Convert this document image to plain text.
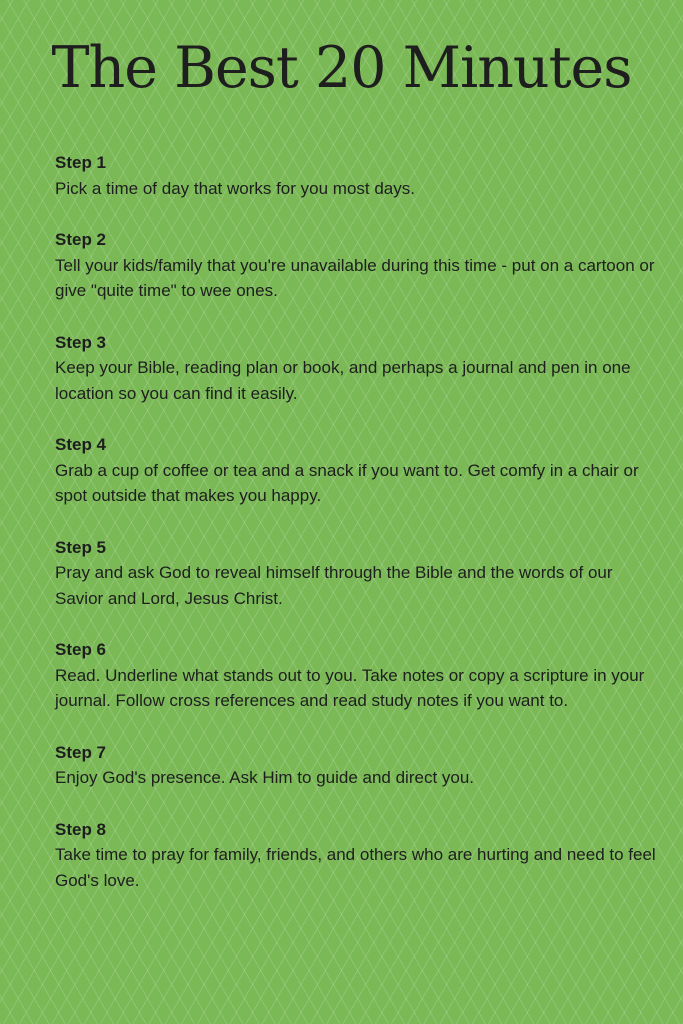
The Best 20 Minutes
Step 1
Pick a time of day that works for you most days.
Step 2
Tell your kids/family that you're unavailable during this time - put on a cartoon or give "quite time" to wee ones.
Step 3
Keep your Bible, reading plan or book, and perhaps a journal and pen in one location so you can find it easily.
Step 4
Grab a cup of coffee or tea and a snack if you want to. Get comfy in a chair or spot outside that makes you happy.
Step 5
Pray and ask God to reveal himself through the Bible and the words of our Savior and Lord, Jesus Christ.
Step 6
Read. Underline what stands out to you. Take notes or copy a scripture in your journal. Follow cross references and read study notes if you want to.
Step 7
Enjoy God's presence. Ask Him to guide and direct you.
Step 8
Take time to pray for family, friends, and others who are hurting and need to feel God's love.
